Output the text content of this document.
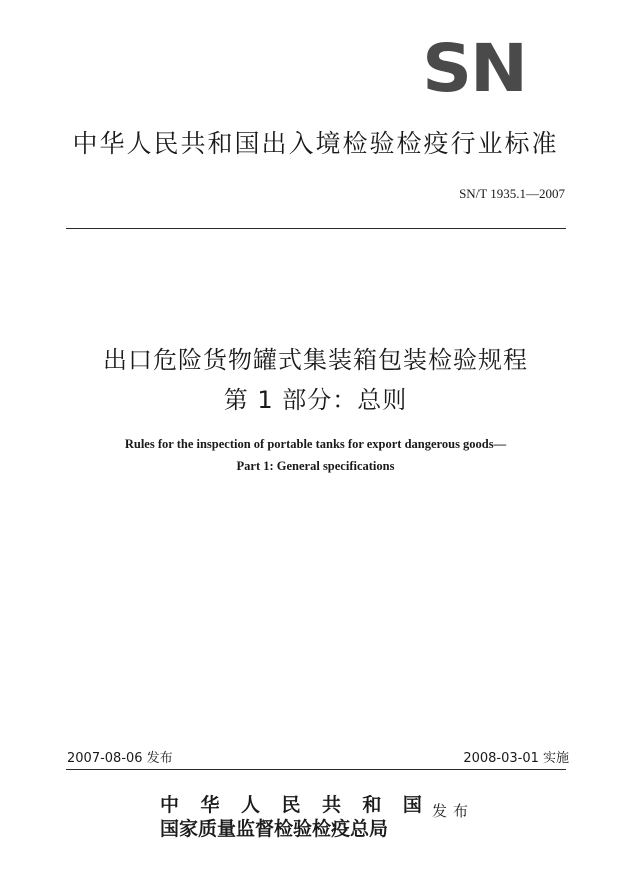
SN
中华人民共和国出入境检验检疫行业标准
SN/T 1935.1—2007
出口危险货物罐式集装箱包装检验规程
第 1 部分：总则
Rules for the inspection of portable tanks for export dangerous goods—
Part 1: General specifications
2007-08-06 发布	2008-03-01 实施
中 华 人 民 共 和 国
国家质量监督检验检疫总局
发布
